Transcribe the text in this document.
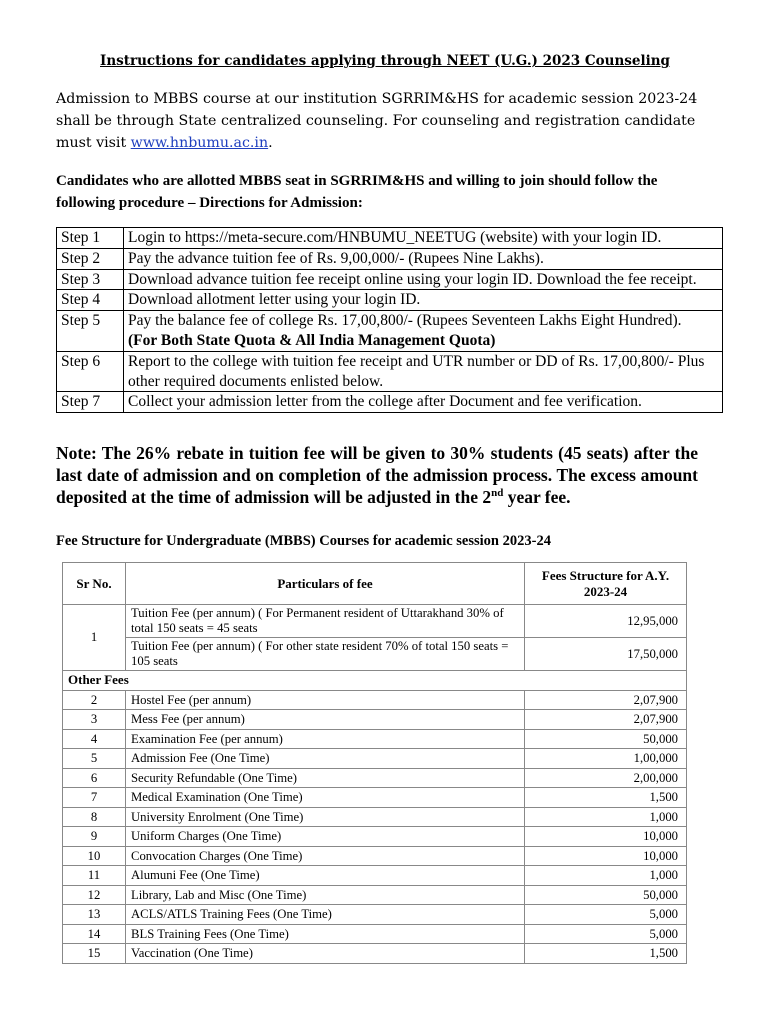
Instructions for candidates applying through NEET (U.G.) 2023 Counseling
Admission to MBBS course at our institution SGRRIM&HS for academic session 2023-24 shall be through State centralized counseling. For counseling and registration candidate must visit www.hnbumu.ac.in.
Candidates who are allotted MBBS seat in SGRRIM&HS and willing to join should follow the following procedure – Directions for Admission:
Step 1	Login to https://meta-secure.com/HNBUMU_NEETUG (website) with your login ID.
Step 2	Pay the advance tuition fee of Rs. 9,00,000/- (Rupees Nine Lakhs).
Step 3	Download advance tuition fee receipt online using your login ID. Download the fee receipt.
Step 4	Download allotment letter using your login ID.
Step 5	Pay the balance fee of college Rs. 17,00,800/- (Rupees Seventeen Lakhs Eight Hundred).
(For Both State Quota & All India Management Quota)
Step 6	Report to the college with tuition fee receipt and UTR number or DD of Rs. 17,00,800/- Plus other required documents enlisted below.
Step 7	Collect your admission letter from the college after Document and fee verification.
Note: The 26% rebate in tuition fee will be given to 30% students (45 seats) after the last date of admission and on completion of the admission process. The excess amount deposited at the time of admission will be adjusted in the 2nd year fee.
Fee Structure for Undergraduate (MBBS) Courses for academic session 2023-24
Sr No.	Particulars of fee	Fees Structure for A.Y. 2023-24
1	Tuition Fee (per annum) ( For Permanent resident of Uttarakhand 30% of total 150 seats = 45 seats	12,95,000
	Tuition Fee (per annum) ( For other state resident 70% of total 150 seats = 105 seats	17,50,000
Other Fees		
2	Hostel Fee (per annum)	2,07,900
3	Mess Fee (per annum)	2,07,900
4	Examination Fee (per annum)	50,000
5	Admission Fee (One Time)	1,00,000
6	Security Refundable (One Time)	2,00,000
7	Medical Examination (One Time)	1,500
8	University Enrolment (One Time)	1,000
9	Uniform Charges (One Time)	10,000
10	Convocation Charges (One Time)	10,000
11	Alumuni Fee (One Time)	1,000
12	Library, Lab and Misc (One Time)	50,000
13	ACLS/ATLS Training Fees (One Time)	5,000
14	BLS Training Fees (One Time)	5,000
15	Vaccination (One Time)	1,500
